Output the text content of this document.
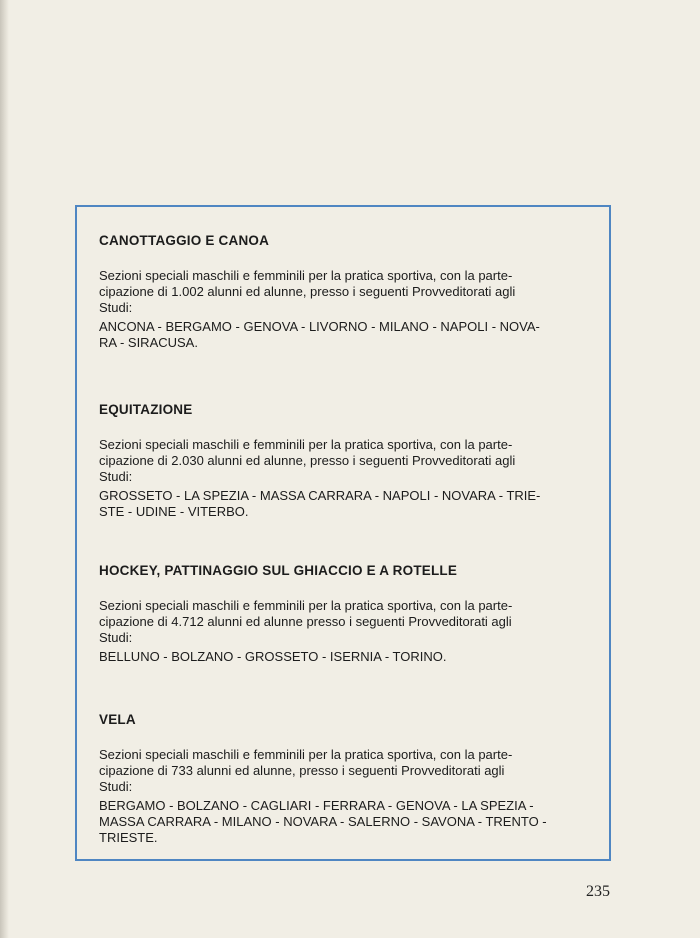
CANOTTAGGIO E CANOA

Sezioni speciali maschili e femminili per la pratica sportiva, con la parte-
cipazione di 1.002 alunni ed alunne, presso i seguenti Provveditorati agli
Studi:

ANCONA - BERGAMO - GENOVA - LIVORNO - MILANO - NAPOLI - NOVA-
RA - SIRACUSA.
EQUITAZIONE

Sezioni speciali maschili e femminili per la pratica sportiva, con la parte-
cipazione di 2.030 alunni ed alunne, presso i seguenti Provveditorati agli
Studi:

GROSSETO - LA SPEZIA - MASSA CARRARA - NAPOLI - NOVARA - TRIE-
STE - UDINE - VITERBO.
HOCKEY, PATTINAGGIO SUL GHIACCIO E A ROTELLE

Sezioni speciali maschili e femminili per la pratica sportiva, con la parte-
cipazione di 4.712 alunni ed alunne presso i seguenti Provveditorati agli
Studi:

BELLUNO - BOLZANO - GROSSETO - ISERNIA - TORINO.
VELA

Sezioni speciali maschili e femminili per la pratica sportiva, con la parte-
cipazione di 733 alunni ed alunne, presso i seguenti Provveditorati agli
Studi:

BERGAMO - BOLZANO - CAGLIARI - FERRARA - GENOVA - LA SPEZIA -
MASSA CARRARA - MILANO - NOVARA - SALERNO - SAVONA - TRENTO -
TRIESTE.
235
